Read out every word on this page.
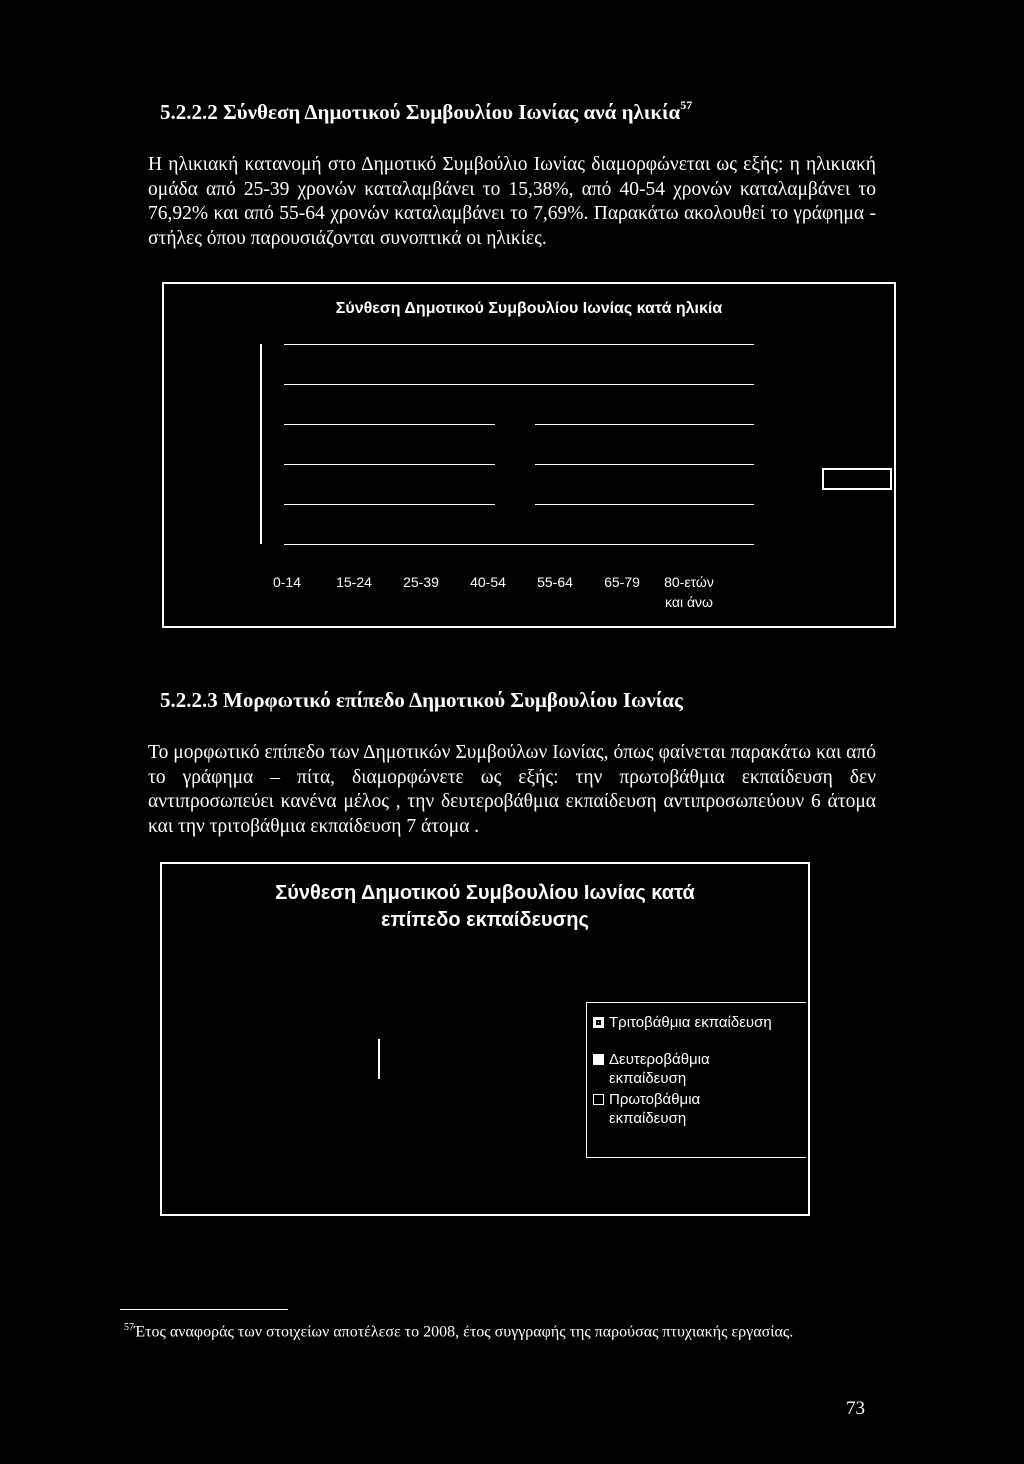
5.2.2.2 Σύνθεση Δημοτικού Συμβουλίου Ιωνίας ανά ηλικία$^{57}$
Η ηλικιακή κατανομή στο Δημοτικό Συμβούλιο Ιωνίας διαμορφώνεται ως εξής: η ηλικιακή ομάδα από 25-39 χρονών καταλαμβάνει το 15,38%, από 40-54 χρονών καταλαμβάνει το 76,92% και από 55-64 χρονών καταλαμβάνει το 7,69%. Παρακάτω ακολουθεί το γράφημα - στήλες όπου παρουσιάζονται συνοπτικά οι ηλικίες.
Σύνθεση Δημοτικού Συμβουλίου Ιωνίας κατά ηλικία
0-14	15-24	25-39	40-54	55-64	65-79	80-ετών
και άνω
5.2.2.3 Μορφωτικό επίπεδο Δημοτικού Συμβουλίου Ιωνίας
Το μορφωτικό επίπεδο των Δημοτικών Συμβούλων Ιωνίας, όπως φαίνεται παρακάτω και από το γράφημα – πίτα, διαμορφώνετε ως εξής: την πρωτοβάθμια εκπαίδευση δεν αντιπροσωπεύει κανένα μέλος , την δευτεροβάθμια εκπαίδευση αντιπροσωπεύουν 6 άτομα και την τριτοβάθμια εκπαίδευση 7 άτομα .
Σύνθεση Δημοτικού Συμβουλίου Ιωνίας κατά
επίπεδο εκπαίδευσης
Τριτοβάθμια εκπαίδευση
Δευτεροβάθμια
εκπαίδευση
Πρωτοβάθμια
εκπαίδευση
$^{57}$Έτος αναφοράς των στοιχείων αποτέλεσε το 2008, έτος συγγραφής της παρούσας πτυχιακής εργασίας.
73
